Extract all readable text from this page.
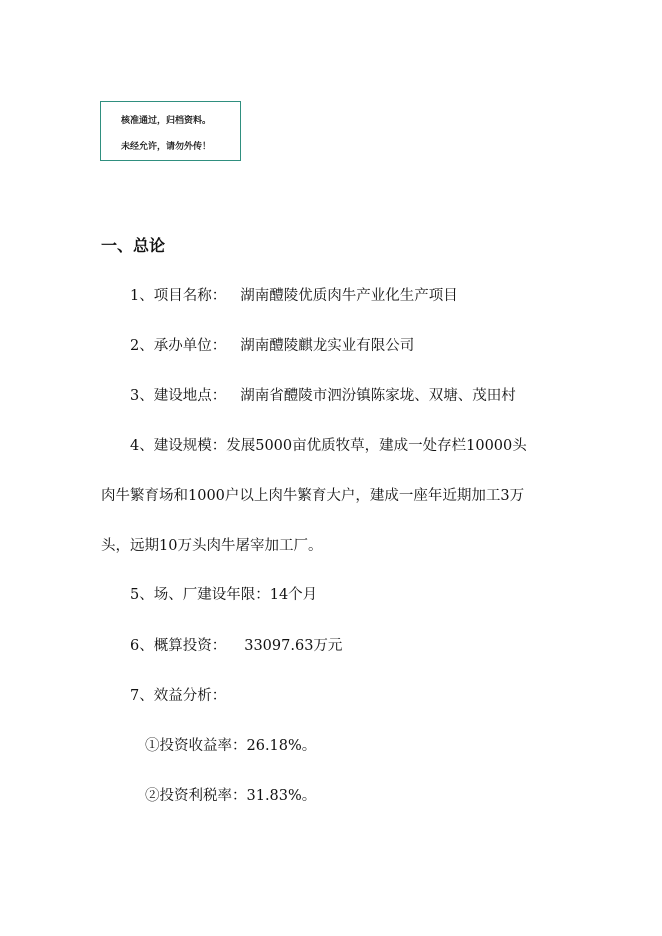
核准通过，归档资料。
未经允许，请勿外传！
一、总论
1、项目名称： 湖南醴陵优质肉牛产业化生产项目
2、承办单位： 湖南醴陵麒龙实业有限公司
3、建设地点： 湖南省醴陵市泗汾镇陈家垅、双塘、茂田村
4、建设规模：发展5000亩优质牧草，建成一处存栏10000头
肉牛繁育场和1000户以上肉牛繁育大户，建成一座年近期加工3万
头，远期10万头肉牛屠宰加工厂。
5、场、厂建设年限：14个月
6、概算投资： 33097.63万元
7、效益分析：
①投资收益率：26.18%。
②投资利税率：31.83%。
